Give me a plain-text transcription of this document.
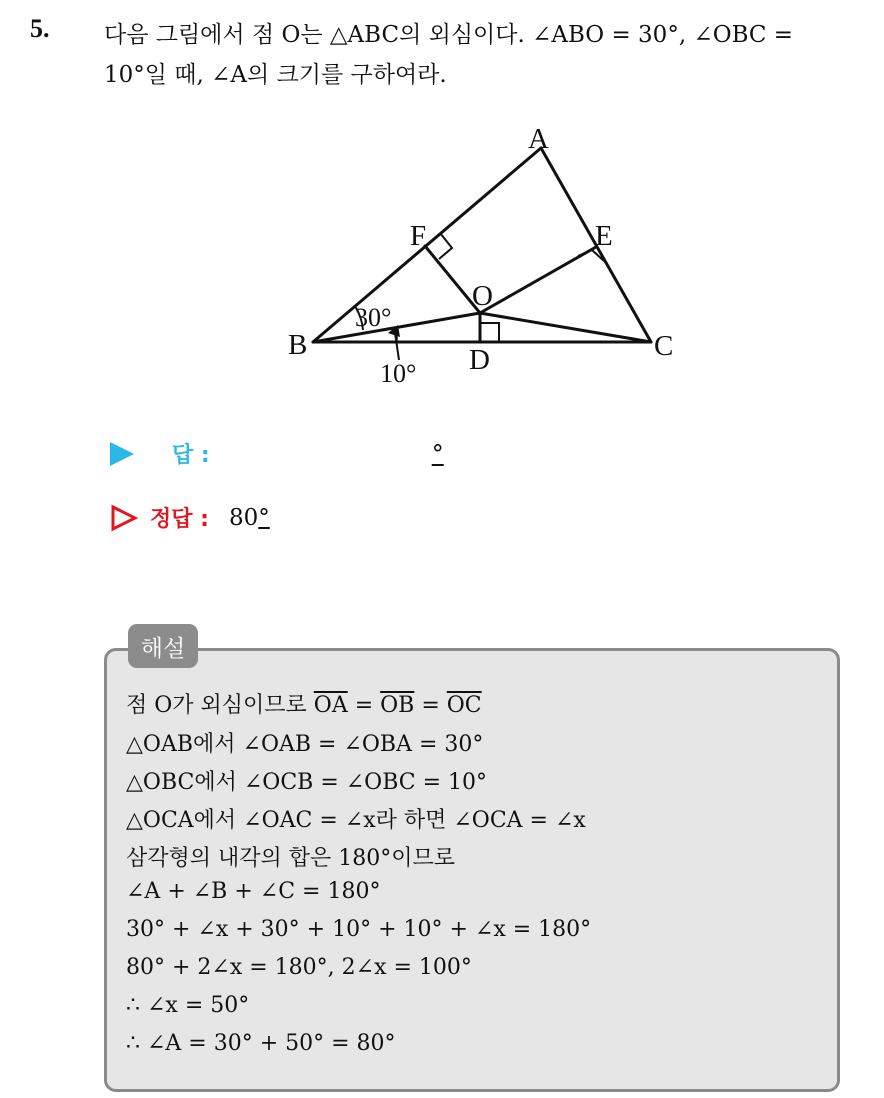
5. 다음 그림에서 점 O는 △ABC의 외심이다. ∠ABO = 30°, ∠OBC =
10°일 때, ∠A의 크기를 구하여라.
A
B	C
D
E
F
O
30°
10°
답 :	°
정답 : 80°
해설
점 O가 외심이므로 $\overline{OA} = \overline{OB} = \overline{OC}$
△OAB에서 ∠OAB = ∠OBA = 30°
△OBC에서 ∠OCB = ∠OBC = 10°
△OCA에서 ∠OAC = ∠x라 하면 ∠OCA = ∠x
삼각형의 내각의 합은 180°이므로
∠A + ∠B + ∠C = 180°
30° + ∠x + 30° + 10° + 10° + ∠x = 180°
80° + 2∠x = 180°, 2∠x = 100°
∴ ∠x = 50°
∴ ∠A = 30° + 50° = 80°
